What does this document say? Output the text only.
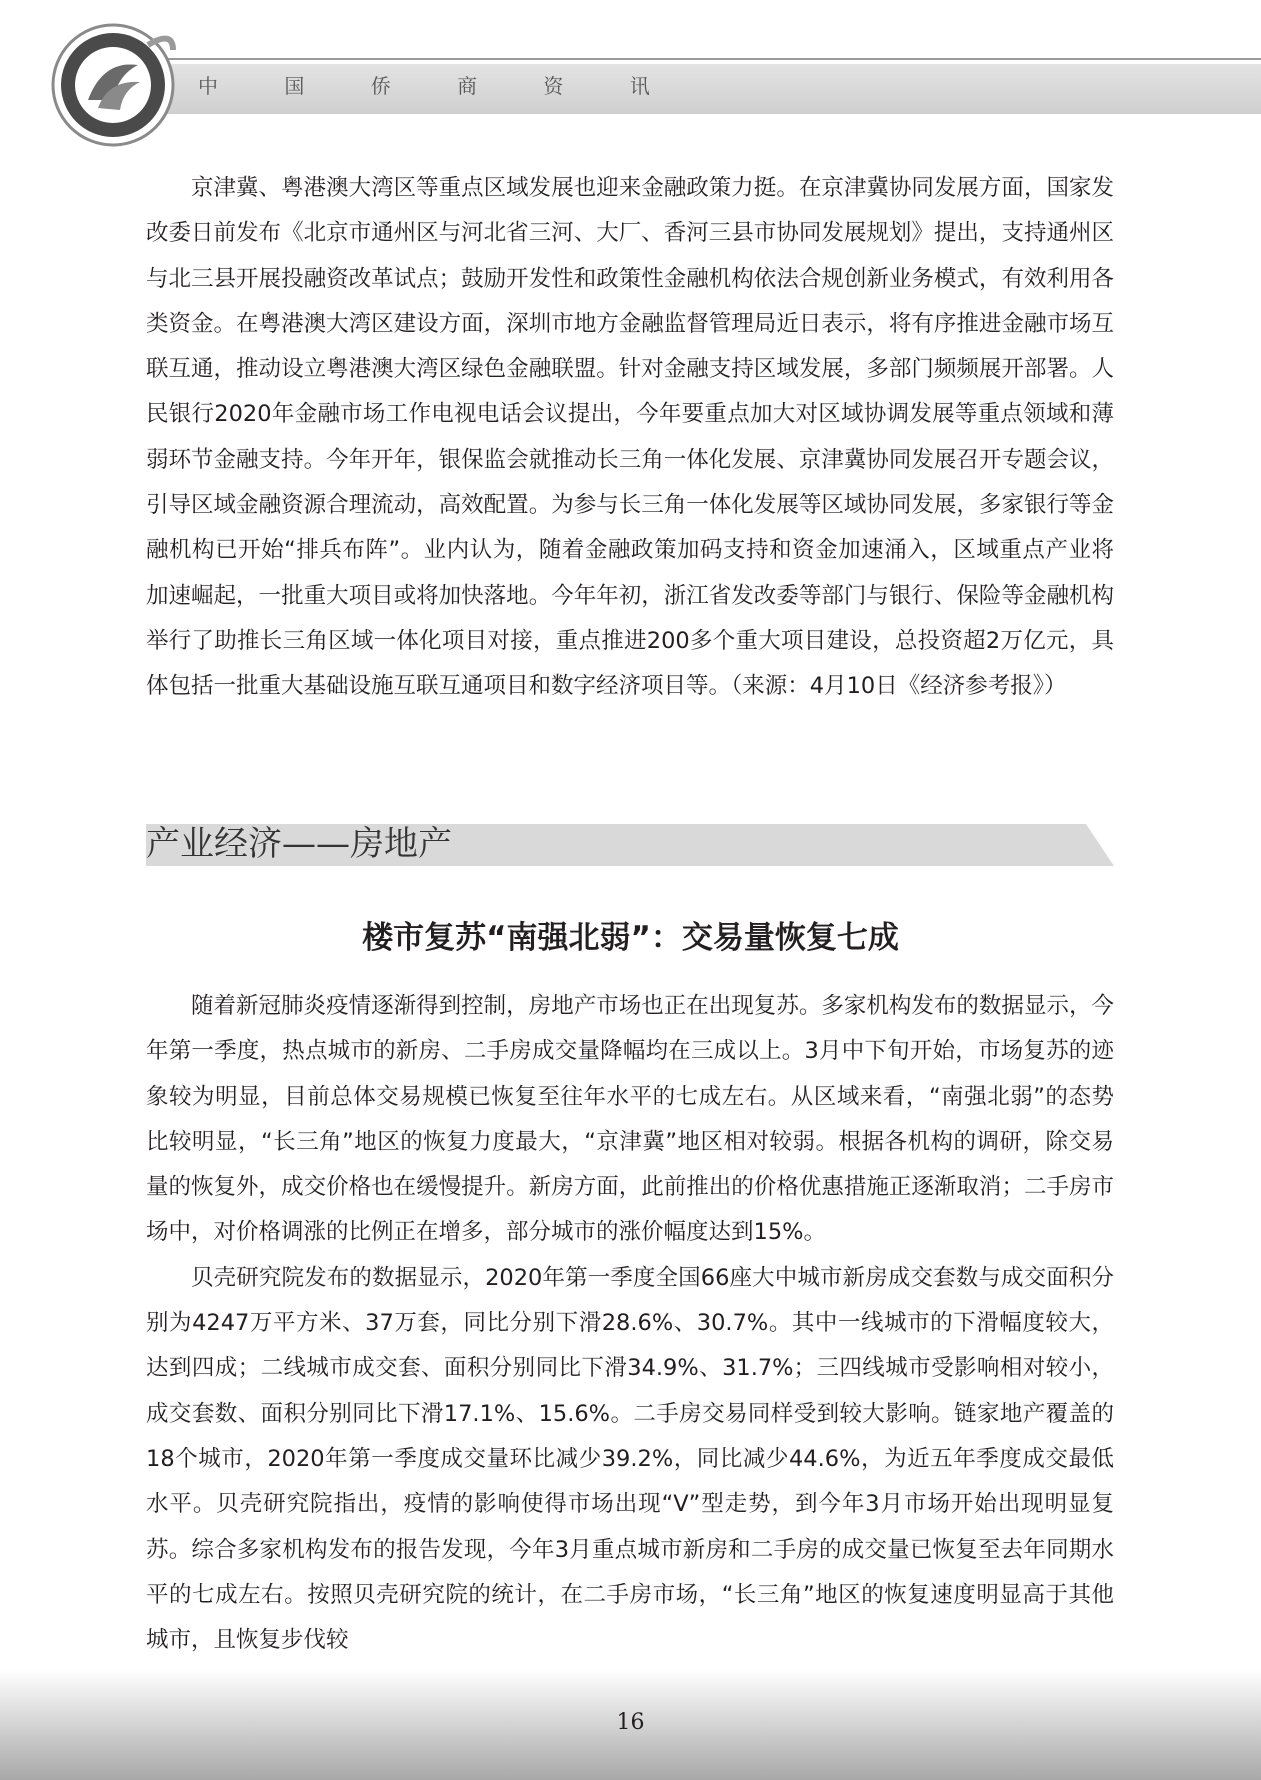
中 国 侨 商 资 讯

京津冀、粤港澳大湾区等重点区域发展也迎来金融政策力挺。在京津冀协同发展方面，国家发改委日前发布《北京市通州区与河北省三河、大厂、香河三县市协同发展规划》提出，支持通州区与北三县开展投融资改革试点；鼓励开发性和政策性金融机构依法合规创新业务模式，有效利用各类资金。在粤港澳大湾区建设方面，深圳市地方金融监督管理局近日表示，将有序推进金融市场互联互通，推动设立粤港澳大湾区绿色金融联盟。针对金融支持区域发展，多部门频频展开部署。人民银行2020年金融市场工作电视电话会议提出，今年要重点加大对区域协调发展等重点领域和薄弱环节金融支持。今年开年，银保监会就推动长三角一体化发展、京津冀协同发展召开专题会议，引导区域金融资源合理流动，高效配置。为参与长三角一体化发展等区域协同发展，多家银行等金融机构已开始“排兵布阵”。业内认为，随着金融政策加码支持和资金加速涌入，区域重点产业将加速崛起，一批重大项目或将加快落地。今年年初，浙江省发改委等部门与银行、保险等金融机构举行了助推长三角区域一体化项目对接，重点推进200多个重大项目建设，总投资超2万亿元，具体包括一批重大基础设施互联互通项目和数字经济项目等。（来源：4月10日《经济参考报》）

产业经济——房地产
楼市复苏“南强北弱”：交易量恢复七成

随着新冠肺炎疫情逐渐得到控制，房地产市场也正在出现复苏。多家机构发布的数据显示，今年第一季度，热点城市的新房、二手房成交量降幅均在三成以上。3月中下旬开始，市场复苏的迹象较为明显，目前总体交易规模已恢复至往年水平的七成左右。从区域来看，“南强北弱”的态势比较明显，“长三角”地区的恢复力度最大，“京津冀”地区相对较弱。根据各机构的调研，除交易量的恢复外，成交价格也在缓慢提升。新房方面，此前推出的价格优惠措施正逐渐取消；二手房市场中，对价格调涨的比例正在增多，部分城市的涨价幅度达到15%。

贝壳研究院发布的数据显示，2020年第一季度全国66座大中城市新房成交套数与成交面积分别为4247万平方米、37万套，同比分别下滑28.6%、30.7%。其中一线城市的下滑幅度较大，达到四成；二线城市成交套、面积分别同比下滑34.9%、31.7%；三四线城市受影响相对较小，成交套数、面积分别同比下滑17.1%、15.6%。二手房交易同样受到较大影响。链家地产覆盖的18个城市，2020年第一季度成交量环比减少39.2%，同比减少44.6%，为近五年季度成交最低水平。贝壳研究院指出，疫情的影响使得市场出现“V”型走势，到今年3月市场开始出现明显复苏。综合多家机构发布的报告发现，今年3月重点城市新房和二手房的成交量已恢复至去年同期水平的七成左右。按照贝壳研究院的统计，在二手房市场，“长三角”地区的恢复速度明显高于其他城市，且恢复步伐较

16
